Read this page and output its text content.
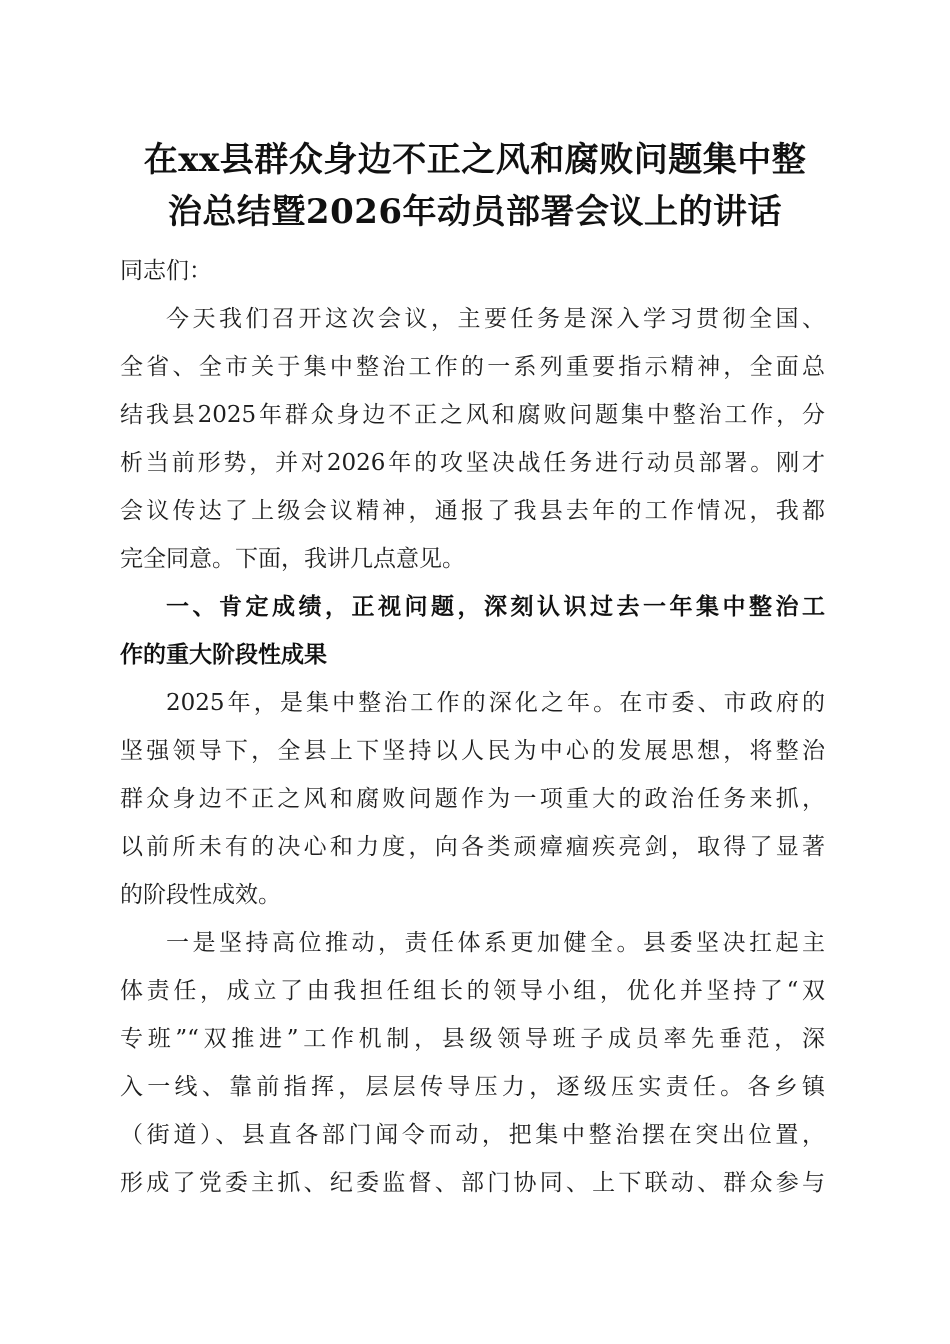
在xx县群众身边不正之风和腐败问题集中整
治总结暨2026年动员部署会议上的讲话

同志们：

今天我们召开这次会议，主要任务是深入学习贯彻全国、
全省、全市关于集中整治工作的一系列重要指示精神，全面总
结我县2025年群众身边不正之风和腐败问题集中整治工作，分
析当前形势，并对2026年的攻坚决战任务进行动员部署。刚才
会议传达了上级会议精神，通报了我县去年的工作情况，我都
完全同意。下面，我讲几点意见。

一、肯定成绩，正视问题，深刻认识过去一年集中整治工
作的重大阶段性成果

2025年，是集中整治工作的深化之年。在市委、市政府的
坚强领导下，全县上下坚持以人民为中心的发展思想，将整治
群众身边不正之风和腐败问题作为一项重大的政治任务来抓，
以前所未有的决心和力度，向各类顽瘴痼疾亮剑，取得了显著
的阶段性成效。

一是坚持高位推动，责任体系更加健全。县委坚决扛起主
体责任，成立了由我担任组长的领导小组，优化并坚持了“双
专班”“双推进”工作机制，县级领导班子成员率先垂范，深
入一线、靠前指挥，层层传导压力，逐级压实责任。各乡镇
（街道）、县直各部门闻令而动，把集中整治摆在突出位置，
形成了党委主抓、纪委监督、部门协同、上下联动、群众参与
